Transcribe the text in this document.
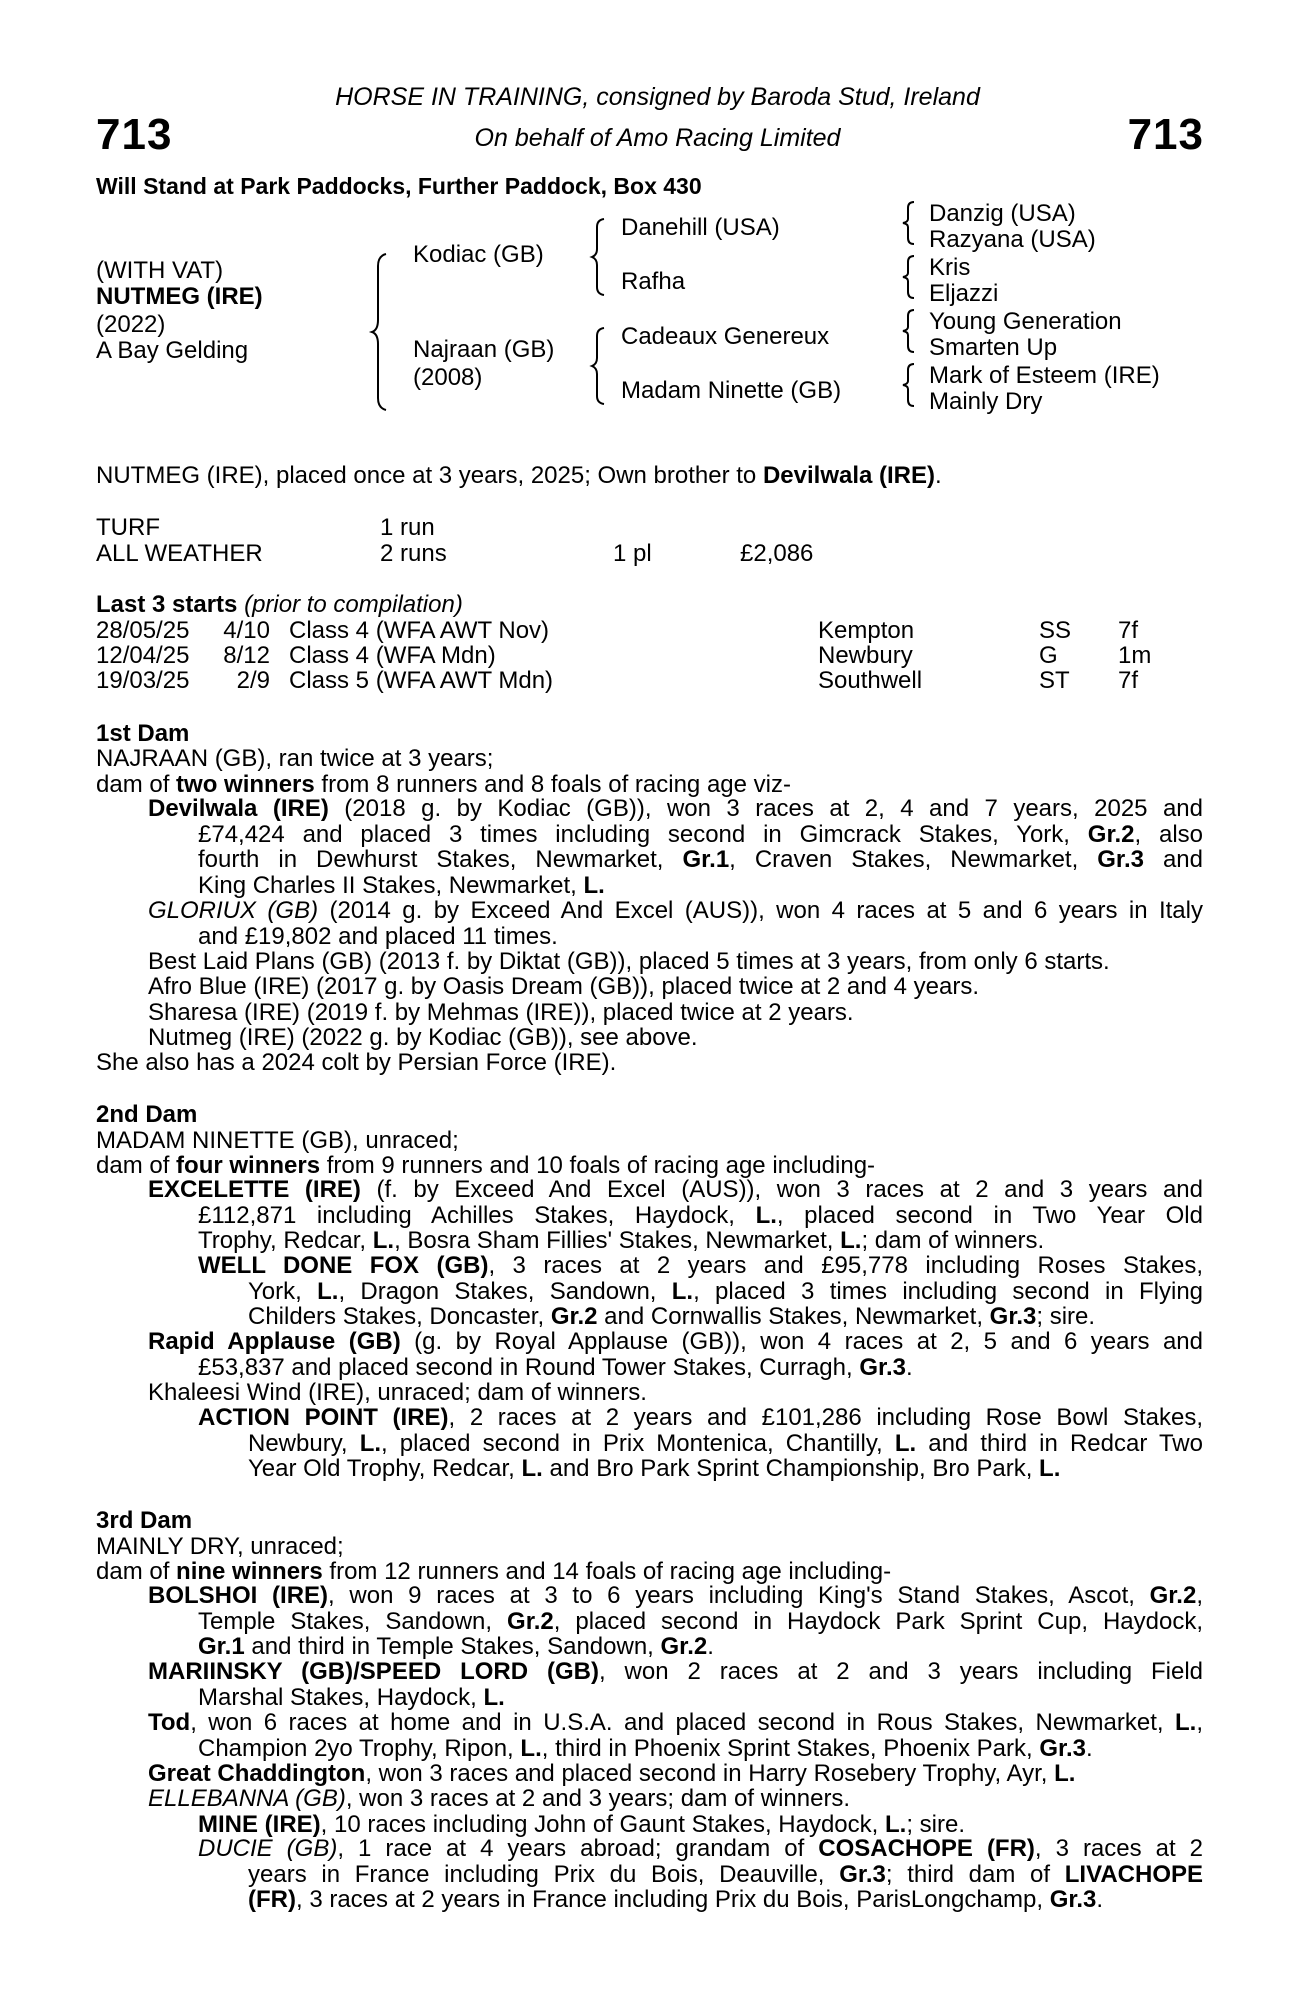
713	713
HORSE IN TRAINING, consigned by Baroda Stud, Ireland
On behalf of Amo Racing Limited
Will Stand at Park Paddocks, Further Paddock, Box 430
(WITH VAT)
NUTMEG (IRE)
(2022)
A Bay Gelding
Kodiac (GB)
Najraan (GB)
(2008)
Danehill (USA)
Rafha
Cadeaux Genereux
Madam Ninette (GB)
Danzig (USA)
Razyana (USA)
Kris
Eljazzi
Young Generation
Smarten Up
Mark of Esteem (IRE)
Mainly Dry
NUTMEG (IRE), placed once at 3 years, 2025; Own brother to Devilwala (IRE).
TURF	1 run
ALL WEATHER	2 runs	1 pl	£2,086
Last 3 starts (prior to compilation)
28/05/25	4/10 Class 4 (WFA AWT Nov)	Kempton	SS 7f
12/04/25	8/12 Class 4 (WFA Mdn)	Newbury	G	1m
19/03/25	2/9 Class 5 (WFA AWT Mdn)	Southwell	ST 7f
1st Dam
NAJRAAN (GB), ran twice at 3 years;
dam of two winners from 8 runners and 8 foals of racing age viz-
Devilwala (IRE) (2018 g. by Kodiac (GB)), won 3 races at 2, 4 and 7 years, 2025 and
£74,424 and placed 3 times including second in Gimcrack Stakes, York, Gr.2, also
fourth in Dewhurst Stakes, Newmarket, Gr.1, Craven Stakes, Newmarket, Gr.3 and
King Charles II Stakes, Newmarket, L.
GLORIUX (GB) (2014 g. by Exceed And Excel (AUS)), won 4 races at 5 and 6 years in Italy
and £19,802 and placed 11 times.
Best Laid Plans (GB) (2013 f. by Diktat (GB)), placed 5 times at 3 years, from only 6 starts.
Afro Blue (IRE) (2017 g. by Oasis Dream (GB)), placed twice at 2 and 4 years.
Sharesa (IRE) (2019 f. by Mehmas (IRE)), placed twice at 2 years.
Nutmeg (IRE) (2022 g. by Kodiac (GB)), see above.
She also has a 2024 colt by Persian Force (IRE).
2nd Dam
MADAM NINETTE (GB), unraced;
dam of four winners from 9 runners and 10 foals of racing age including-
EXCELETTE (IRE) (f. by Exceed And Excel (AUS)), won 3 races at 2 and 3 years and
£112,871 including Achilles Stakes, Haydock, L., placed second in Two Year Old
Trophy, Redcar, L., Bosra Sham Fillies' Stakes, Newmarket, L.; dam of winners.
WELL DONE FOX (GB), 3 races at 2 years and £95,778 including Roses Stakes,
York, L., Dragon Stakes, Sandown, L., placed 3 times including second in Flying
Childers Stakes, Doncaster, Gr.2 and Cornwallis Stakes, Newmarket, Gr.3; sire.
Rapid Applause (GB) (g. by Royal Applause (GB)), won 4 races at 2, 5 and 6 years and
£53,837 and placed second in Round Tower Stakes, Curragh, Gr.3.
Khaleesi Wind (IRE), unraced; dam of winners.
ACTION POINT (IRE), 2 races at 2 years and £101,286 including Rose Bowl Stakes,
Newbury, L., placed second in Prix Montenica, Chantilly, L. and third in Redcar Two
Year Old Trophy, Redcar, L. and Bro Park Sprint Championship, Bro Park, L.
3rd Dam
MAINLY DRY, unraced;
dam of nine winners from 12 runners and 14 foals of racing age including-
BOLSHOI (IRE), won 9 races at 3 to 6 years including King's Stand Stakes, Ascot, Gr.2,
Temple Stakes, Sandown, Gr.2, placed second in Haydock Park Sprint Cup, Haydock,
Gr.1 and third in Temple Stakes, Sandown, Gr.2.
MARIINSKY (GB)/SPEED LORD (GB), won 2 races at 2 and 3 years including Field
Marshal Stakes, Haydock, L.
Tod, won 6 races at home and in U.S.A. and placed second in Rous Stakes, Newmarket, L.,
Champion 2yo Trophy, Ripon, L., third in Phoenix Sprint Stakes, Phoenix Park, Gr.3.
Great Chaddington, won 3 races and placed second in Harry Rosebery Trophy, Ayr, L.
ELLEBANNA (GB), won 3 races at 2 and 3 years; dam of winners.
MINE (IRE), 10 races including John of Gaunt Stakes, Haydock, L.; sire.
DUCIE (GB), 1 race at 4 years abroad; grandam of COSACHOPE (FR), 3 races at 2
years in France including Prix du Bois, Deauville, Gr.3; third dam of LIVACHOPE
(FR), 3 races at 2 years in France including Prix du Bois, ParisLongchamp, Gr.3.
